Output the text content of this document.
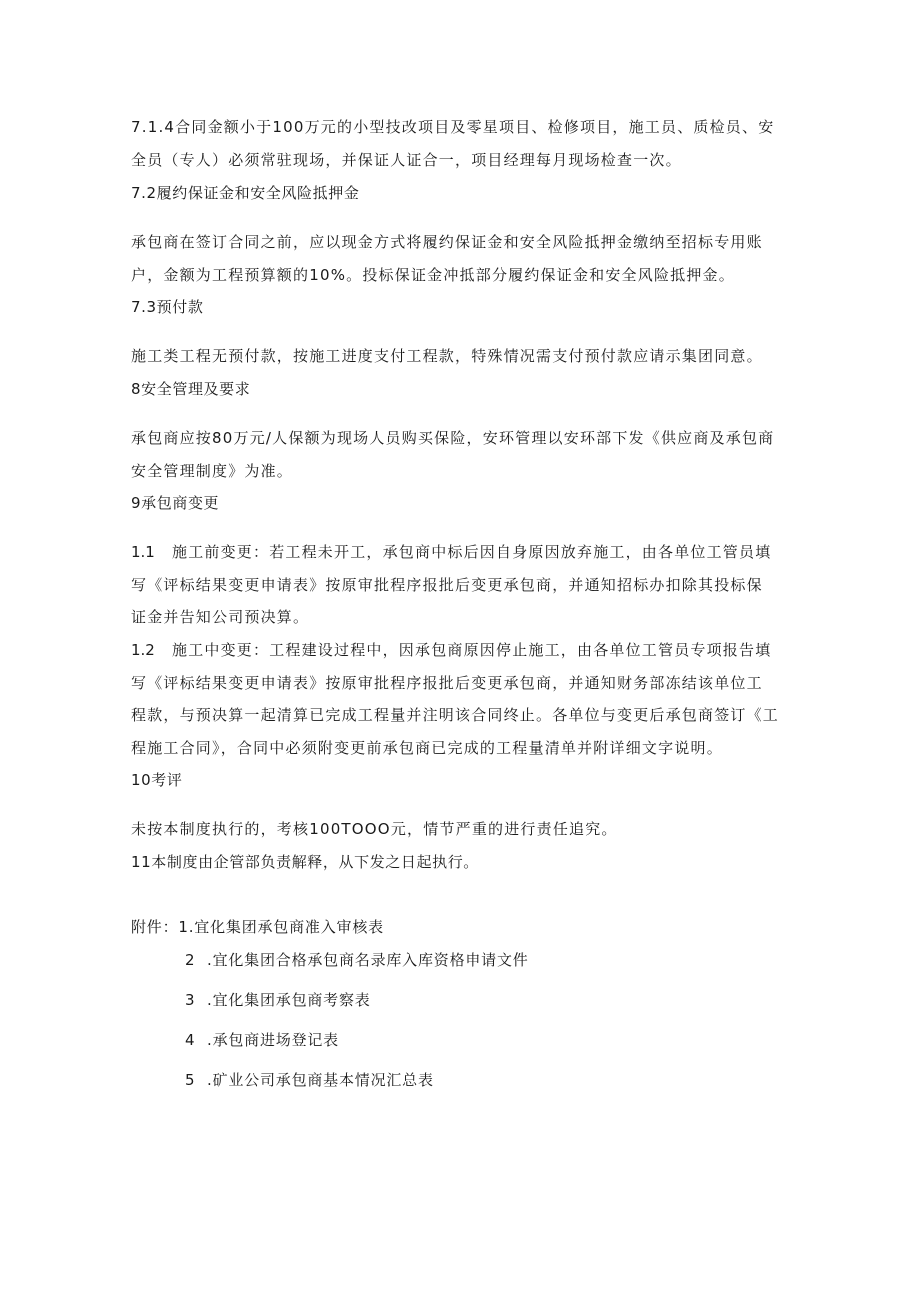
7.1.4合同金额小于100万元的小型技改项目及零星项目、检修项目，施工员、质检员、安
全员（专人）必须常驻现场，并保证人证合一，项目经理每月现场检查一次。
7.2履约保证金和安全风险抵押金
承包商在签订合同之前，应以现金方式将履约保证金和安全风险抵押金缴纳至招标专用账
户，金额为工程预算额的10%。投标保证金冲抵部分履约保证金和安全风险抵押金。
7.3预付款
施工类工程无预付款，按施工进度支付工程款，特殊情况需支付预付款应请示集团同意。
8安全管理及要求
承包商应按80万元/人保额为现场人员购买保险，安环管理以安环部下发《供应商及承包商
安全管理制度》为准。
9承包商变更
1.1 施工前变更：若工程未开工，承包商中标后因自身原因放弃施工，由各单位工管员填
写《评标结果变更申请表》按原审批程序报批后变更承包商，并通知招标办扣除其投标保
证金并告知公司预决算。
1.2 施工中变更：工程建设过程中，因承包商原因停止施工，由各单位工管员专项报告填
写《评标结果变更申请表》按原审批程序报批后变更承包商，并通知财务部冻结该单位工
程款，与预决算一起清算已完成工程量并注明该合同终止。各单位与变更后承包商签订《工
程施工合同》，合同中必须附变更前承包商已完成的工程量清单并附详细文字说明。
10考评
未按本制度执行的，考核100TOOO元，情节严重的进行责任追究。
11本制度由企管部负责解释，从下发之日起执行。
附件：1.宜化集团承包商准入审核表
2 .宜化集团合格承包商名录库入库资格申请文件
3 .宜化集团承包商考察表
4 .承包商进场登记表
5 .矿业公司承包商基本情况汇总表
